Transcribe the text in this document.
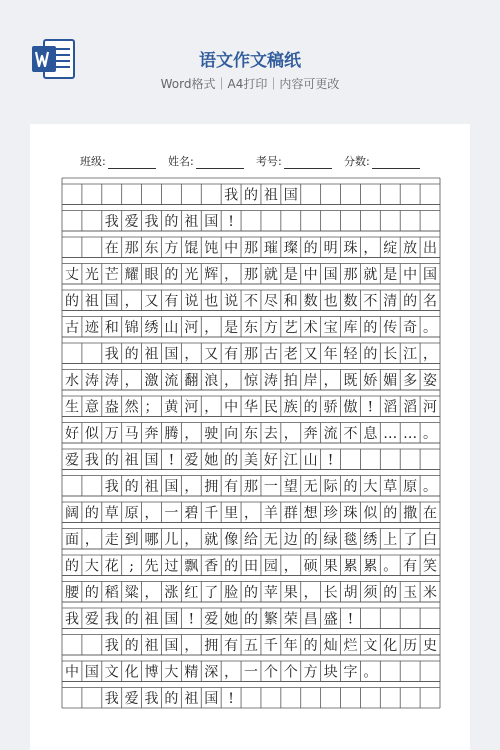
语文作文稿纸
Word格式｜A4打印｜内容可更改
班级:	姓名:	考号:	分数:
我 的 祖 国
我 爱 我 的 祖 国 !
在 那 东 方 馄 饨 中 那 璀 璨 的 明 珠 ， 绽 放 出
丈 光 芒 耀 眼 的 光 辉 ， 那 就 是 中 国 那 就 是 中 国
的 祖 国 ， 又 有 说 也 说 不 尽 和 数 也 数 不 清 的 名
古 迹 和 锦 绣 山 河 ， 是 东 方 艺 术 宝 库 的 传 奇 。
我 的 祖 国 ， 又 有 那 古 老 又 年 轻 的 长 江 ，
水 涛 涛 ， 激 流 翻 浪 ， 惊 涛 拍 岸 ， 既 娇 媚 多 姿
生 意 盎 然 ； 黄 河 ， 中 华 民 族 的 骄 傲 ! 滔 滔 河
好 似 万 马 奔 腾 ， 驶 向 东 去 ， 奔 流 不 息 … … 。
爱 我 的 祖 国 ! 爱 她 的 美 好 江 山 !
我 的 祖 国 ， 拥 有 那 一 望 无 际 的 大 草 原 。
阔 的 草 原 ， 一 碧 千 里 ， 羊 群 想 珍 珠 似 的 撒 在
面 ， 走 到 哪 儿 ， 就 像 给 无 边 的 绿 毯 绣 上 了 白
的 大 花 ; 先 过 飘 香 的 田 园 ， 硕 果 累 累 。 有 笑
腰 的 稻 粱 ， 涨 红 了 脸 的 苹 果 ， 长 胡 须 的 玉 米
我 爱 我 的 祖 国 ! 爱 她 的 繁 荣 昌 盛 !
我 的 祖 国 ， 拥 有 五 千 年 的 灿 烂 文 化 历 史
中 国 文 化 博 大 精 深 ， 一 个 个 方 块 字 。
我 爱 我 的 祖 国 !
